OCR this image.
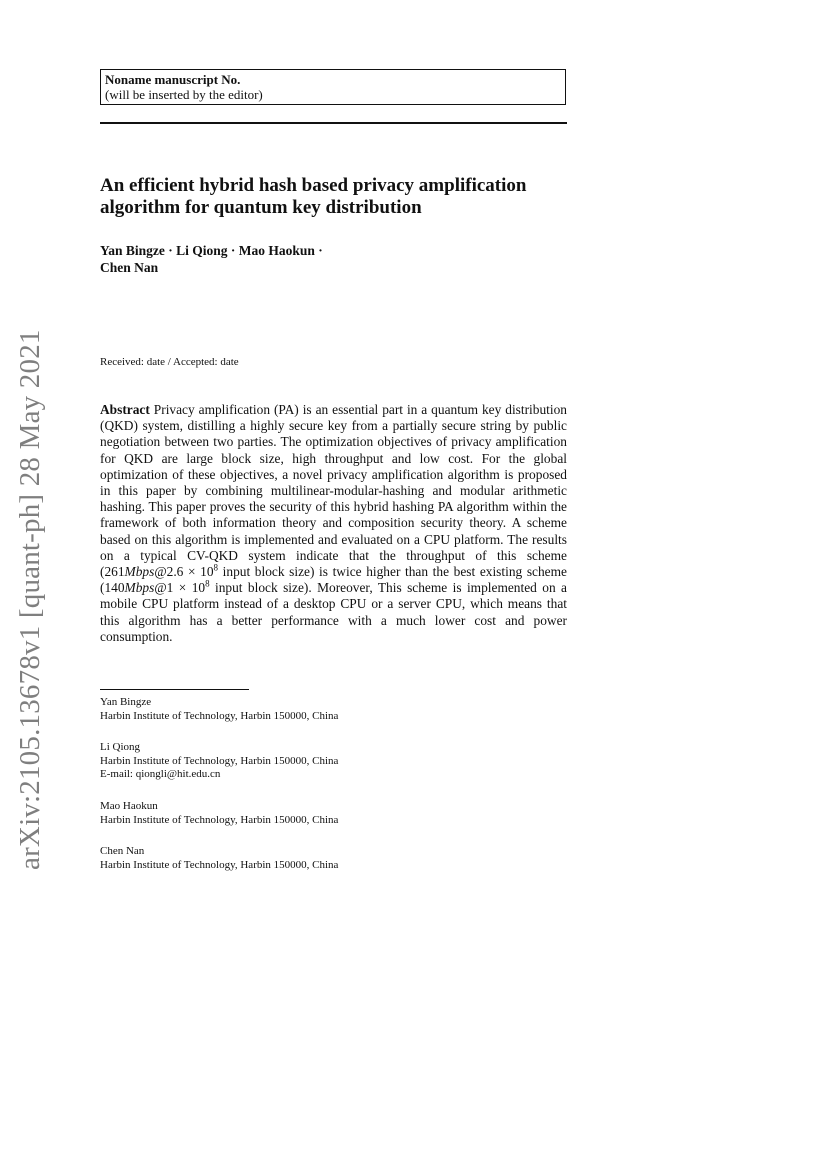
arXiv:2105.13678v1 [quant-ph] 28 May 2021
Noname manuscript No.
(will be inserted by the editor)
An efficient hybrid hash based privacy amplification
algorithm for quantum key distribution
Yan Bingze · Li Qiong · Mao Haokun ·
Chen Nan
Received: date / Accepted: date

Abstract Privacy amplification (PA) is an essential part in a quantum key distribution (QKD) system, distilling a highly secure key from a partially secure string by public negotiation between two parties. The optimization objectives of privacy amplification for QKD are large block size, high throughput and low cost. For the global optimization of these objectives, a novel privacy amplification algorithm is proposed in this paper by combining multilinear-modular-hashing and modular arithmetic hashing. This paper proves the security of this hybrid hashing PA algorithm within the framework of both information theory and composition security theory. A scheme based on this algorithm is implemented and evaluated on a CPU platform. The results on a typical CV-QKD system indicate that the throughput of this scheme (261Mbps@2.6 × $10^8$ input block size) is twice higher than the best existing scheme (140Mbps@1 × $10^8$ input block size). Moreover, This scheme is implemented on a mobile CPU platform instead of a desktop CPU or a server CPU, which means that this algorithm has a better performance with a much lower cost and power consumption.

Yan Bingze
Harbin Institute of Technology, Harbin 150000, China
Li Qiong
Harbin Institute of Technology, Harbin 150000, China
E-mail: qiongli@hit.edu.cn
Mao Haokun
Harbin Institute of Technology, Harbin 150000, China
Chen Nan
Harbin Institute of Technology, Harbin 150000, China
